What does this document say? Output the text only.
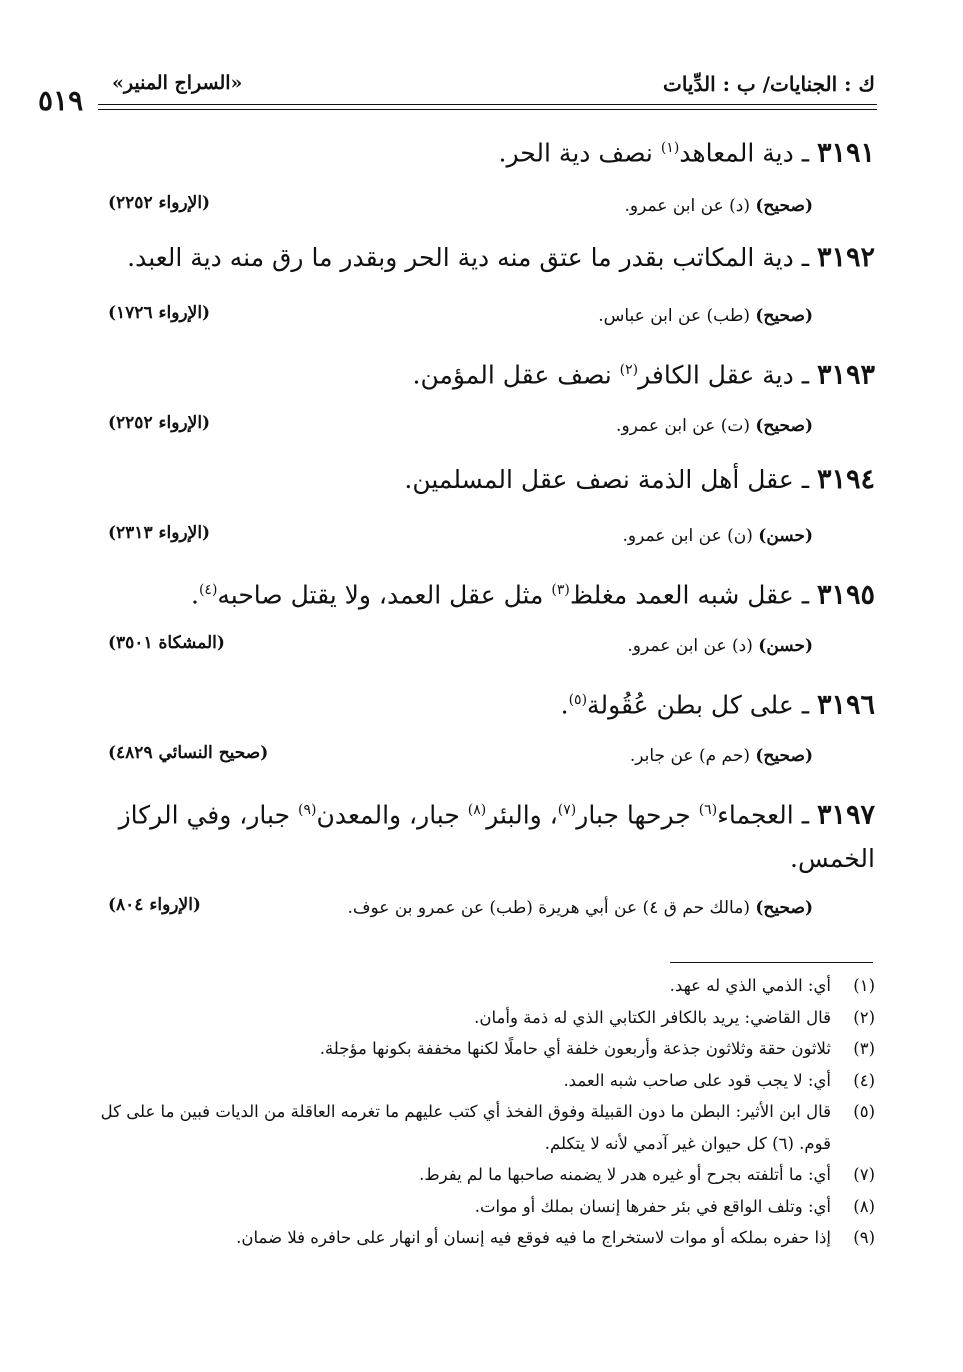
ك : الجنايات/ ب : الدِّيات
«السراج المنير»
٥١٩
٣١٩١ ـ دية المعاهد$^{(١)}$ نصف دية الحر.
(صحيح) (د) عن ابن عمرو.
(الإرواء ٢٢٥٢)
٣١٩٢ ـ دية المكاتب بقدر ما عتق منه دية الحر وبقدر ما رق منه دية العبد.
(صحيح) (طب) عن ابن عباس.
(الإرواء ١٧٢٦)
٣١٩٣ ـ دية عقل الكافر$^{(٢)}$ نصف عقل المؤمن.
(صحيح) (ت) عن ابن عمرو.
(الإرواء ٢٢٥٢)
٣١٩٤ ـ عقل أهل الذمة نصف عقل المسلمين.
(حسن) (ن) عن ابن عمرو.
(الإرواء ٢٣١٣)
٣١٩٥ ـ عقل شبه العمد مغلظ$^{(٣)}$ مثل عقل العمد، ولا يقتل صاحبه$^{(٤)}$.
(حسن) (د) عن ابن عمرو.
(المشكاة ٣٥٠١)
٣١٩٦ ـ على كل بطن عُقُولة$^{(٥)}$.
(صحيح) (حم م) عن جابر.
(صحيح النسائي ٤٨٢٩)
٣١٩٧ ـ العجماء$^{(٦)}$ جرحها جبار$^{(٧)}$، والبئر$^{(٨)}$ جبار، والمعدن$^{(٩)}$ جبار، وفي الركاز الخمس.
(صحيح) (مالك حم ق ٤) عن أبي هريرة (طب) عن عمرو بن عوف.
(الإرواء ٨٠٤)
(١)
أي: الذمي الذي له عهد.
(٢)
قال القاضي: يريد بالكافر الكتابي الذي له ذمة وأمان.
(٣)
ثلاثون حقة وثلاثون جذعة وأربعون خلفة أي حاملًا لكنها مخففة بكونها مؤجلة.
(٤)
أي: لا يجب قود على صاحب شبه العمد.
(٥)
قال ابن الأثير: البطن ما دون القبيلة وفوق الفخذ أي كتب عليهم ما تغرمه العاقلة من الديات فبين ما على كل قوم. (٦) كل حيوان غير آدمي لأنه لا يتكلم.
(٧)
أي: ما أتلفته بجرح أو غيره هدر لا يضمنه صاحبها ما لم يفرط.
(٨)
أي: وتلف الواقع في بئر حفرها إنسان بملك أو موات.
(٩)
إذا حفره بملكه أو موات لاستخراج ما فيه فوقع فيه إنسان أو انهار على حافره فلا ضمان.
